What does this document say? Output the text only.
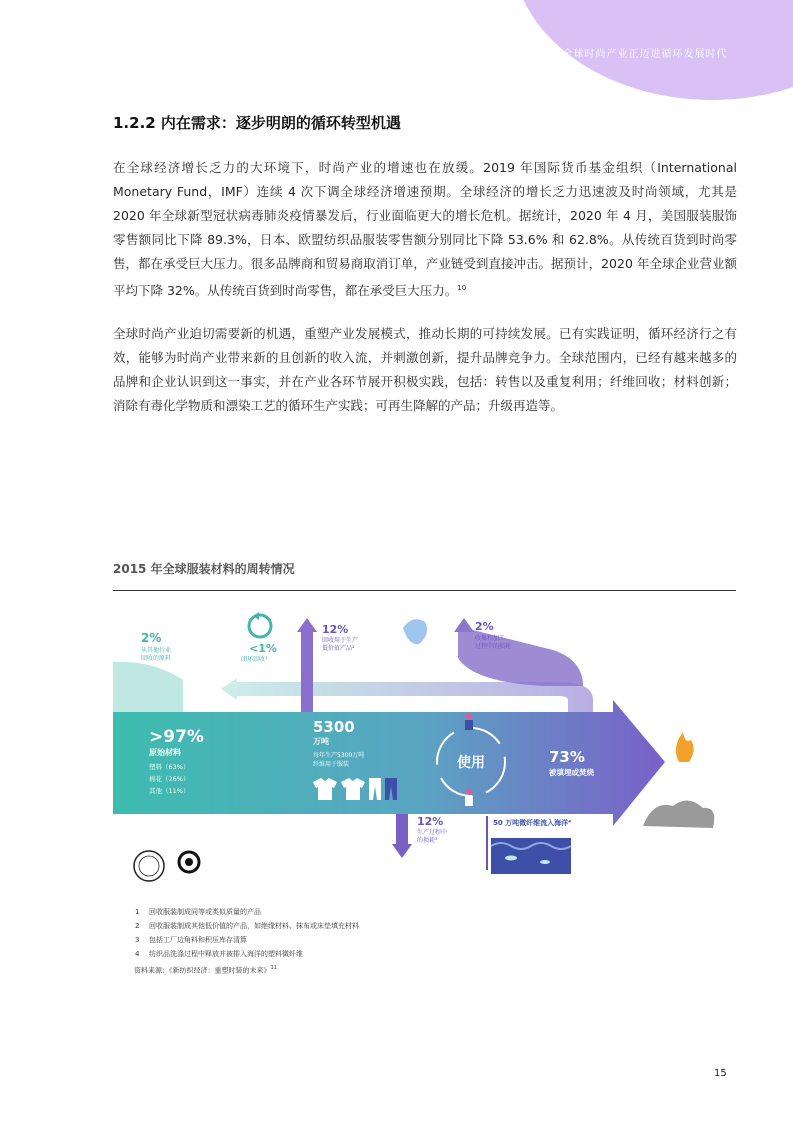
全球时尚产业正迈进循环发展时代
1.2.2 内在需求：逐步明朗的循环转型机遇

在全球经济增长乏力的大环境下，时尚产业的增速也在放缓。2019 年国际货币基金组织（International Monetary Fund，IMF）连续 4 次下调全球经济增速预期。全球经济的增长乏力迅速波及时尚领域，尤其是 2020 年全球新型冠状病毒肺炎疫情暴发后，行业面临更大的增长危机。据统计，2020 年 4 月，美国服装服饰零售额同比下降 89.3%，日本、欧盟纺织品服装零售额分别同比下降 53.6% 和 62.8%。从传统百货到时尚零售，都在承受巨大压力。很多品牌商和贸易商取消订单，产业链受到直接冲击。据预计，2020 年全球企业营业额平均下降 32%。从传统百货到时尚零售，都在承受巨大压力。$^{10}$

全球时尚产业迫切需要新的机遇，重塑产业发展模式，推动长期的可持续发展。已有实践证明，循环经济行之有效，能够为时尚产业带来新的且创新的收入流，并刺激创新，提升品牌竞争力。全球范围内，已经有越来越多的品牌和企业认识到这一事实，并在产业各环节展开积极实践，包括：转售以及重复利用；纤维回收；材料创新；消除有毒化学物质和漂染工艺的循环生产实践；可再生降解的产品；升级再造等。

2015 年全球服装材料的周转情况
2%
从其他行业
回收的原料
<1%
闭环回收¹
12%
回收用于生产
低价值产品²
2%
收集和加工
过程中的损耗
>97%
原始材料
塑料（63%）
棉花（26%）
其他（11%）
5300
万吨
每年生产5300万吨
纤维用于服装	使用	73%
被填埋或焚烧
12%
生产过程中
的损耗³
50 万吨微纤维流入海洋⁴
1 回收服装制成同等或类似质量的产品
2 回收服装制成其他低价值的产品，如绝缘材料、抹布或床垫填充材料
3 包括工厂边角料和积压库存清算
4 纺织品洗涤过程中释放并被排入海洋的塑料微纤维
资料来源：《新纺织经济：重塑时装的未来》$^{11}$
15
